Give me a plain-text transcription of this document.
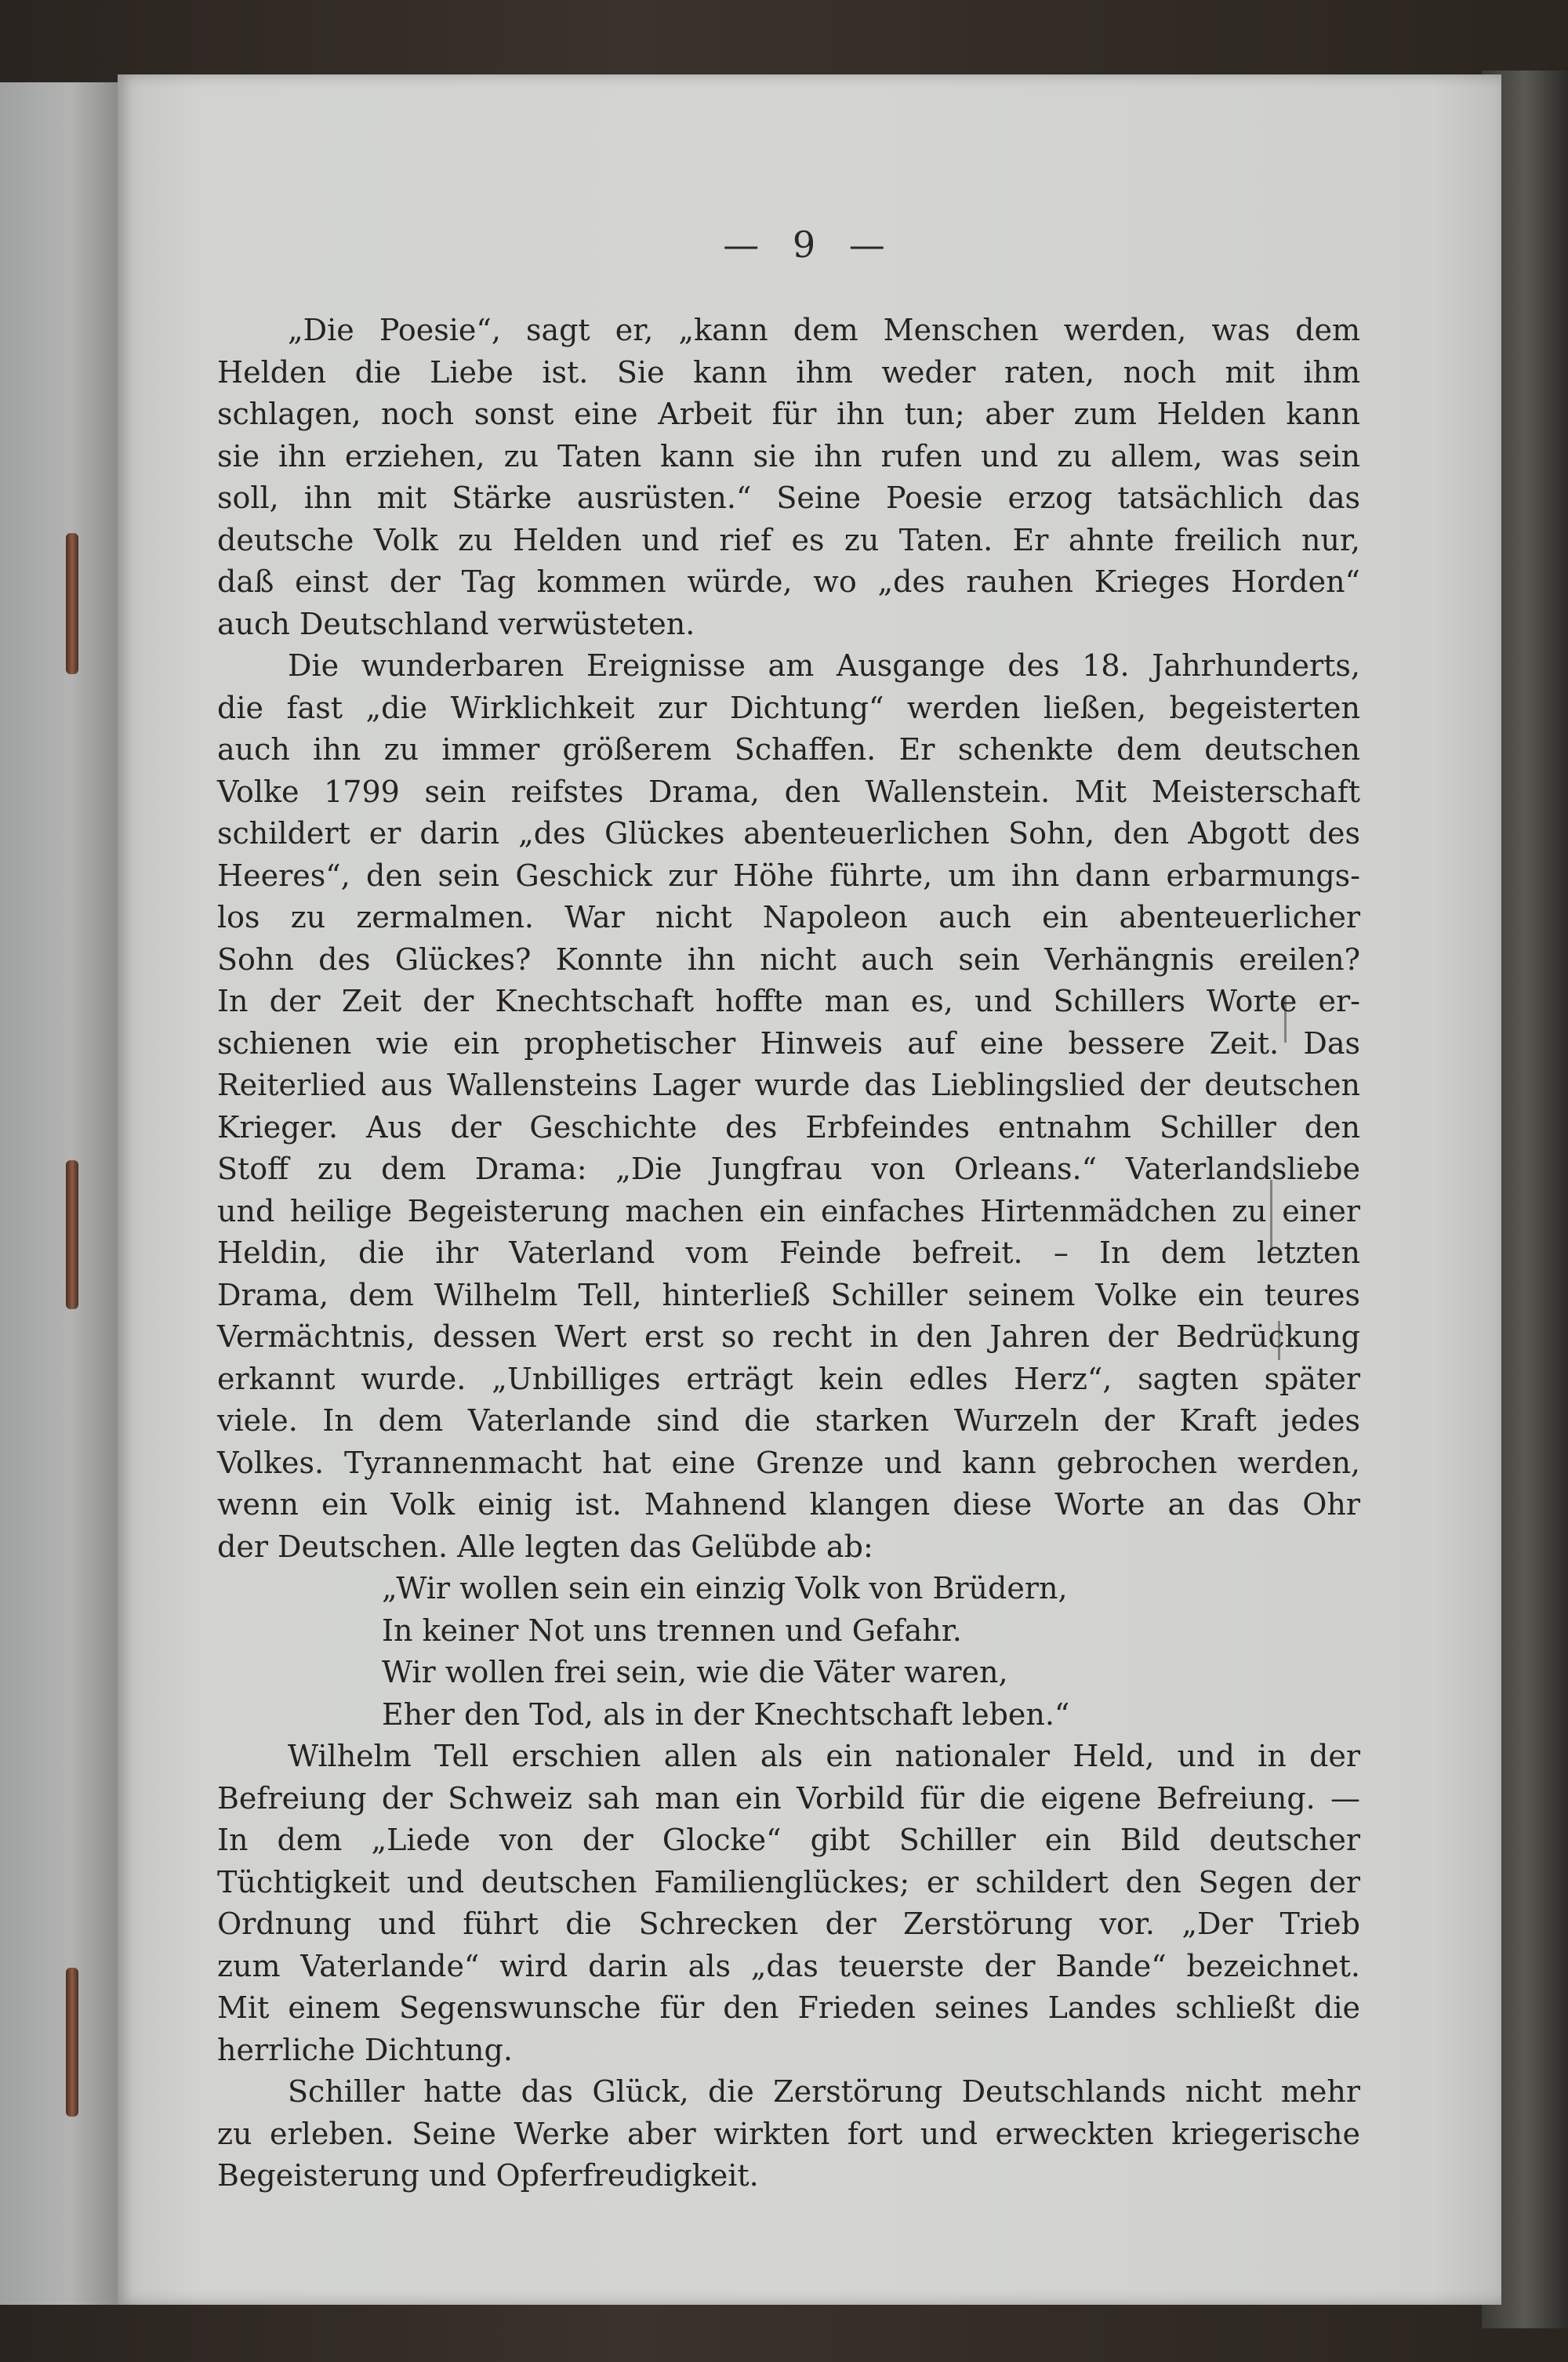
— 9 —
„Die Poesie“, sagt er, „kann dem Menschen werden, was dem
Helden die Liebe ist. Sie kann ihm weder raten, noch mit ihm
schlagen, noch sonst eine Arbeit für ihn tun; aber zum Helden kann
sie ihn erziehen, zu Taten kann sie ihn rufen und zu allem, was sein
soll, ihn mit Stärke ausrüsten.“ Seine Poesie erzog tatsächlich das
deutsche Volk zu Helden und rief es zu Taten. Er ahnte freilich nur,
daß einst der Tag kommen würde, wo „des rauhen Krieges Horden“
auch Deutschland verwüsteten.
Die wunderbaren Ereignisse am Ausgange des 18. Jahrhunderts,
die fast „die Wirklichkeit zur Dichtung“ werden ließen, begeisterten
auch ihn zu immer größerem Schaffen. Er schenkte dem deutschen
Volke 1799 sein reifstes Drama, den Wallenstein. Mit Meisterschaft
schildert er darin „des Glückes abenteuerlichen Sohn, den Abgott des
Heeres“, den sein Geschick zur Höhe führte, um ihn dann erbarmungs-
los zu zermalmen. War nicht Napoleon auch ein abenteuerlicher
Sohn des Glückes? Konnte ihn nicht auch sein Verhängnis ereilen?
In der Zeit der Knechtschaft hoffte man es, und Schillers Worte er-
schienen wie ein prophetischer Hinweis auf eine bessere Zeit. Das
Reiterlied aus Wallensteins Lager wurde das Lieblingslied der deutschen
Krieger. Aus der Geschichte des Erbfeindes entnahm Schiller den
Stoff zu dem Drama: „Die Jungfrau von Orleans.“ Vaterlandsliebe
und heilige Begeisterung machen ein einfaches Hirtenmädchen zu einer
Heldin, die ihr Vaterland vom Feinde befreit. – In dem letzten
Drama, dem Wilhelm Tell, hinterließ Schiller seinem Volke ein teures
Vermächtnis, dessen Wert erst so recht in den Jahren der Bedrückung
erkannt wurde. „Unbilliges erträgt kein edles Herz“, sagten später
viele. In dem Vaterlande sind die starken Wurzeln der Kraft jedes
Volkes. Tyrannenmacht hat eine Grenze und kann gebrochen werden,
wenn ein Volk einig ist. Mahnend klangen diese Worte an das Ohr
der Deutschen. Alle legten das Gelübde ab:
„Wir wollen sein ein einzig Volk von Brüdern,
In keiner Not uns trennen und Gefahr.
Wir wollen frei sein, wie die Väter waren,
Eher den Tod, als in der Knechtschaft leben.“
Wilhelm Tell erschien allen als ein nationaler Held, und in der
Befreiung der Schweiz sah man ein Vorbild für die eigene Befreiung. —
In dem „Liede von der Glocke“ gibt Schiller ein Bild deutscher
Tüchtigkeit und deutschen Familienglückes; er schildert den Segen der
Ordnung und führt die Schrecken der Zerstörung vor. „Der Trieb
zum Vaterlande“ wird darin als „das teuerste der Bande“ bezeichnet.
Mit einem Segenswunsche für den Frieden seines Landes schließt die
herrliche Dichtung.
Schiller hatte das Glück, die Zerstörung Deutschlands nicht mehr
zu erleben. Seine Werke aber wirkten fort und erweckten kriegerische
Begeisterung und Opferfreudigkeit.
